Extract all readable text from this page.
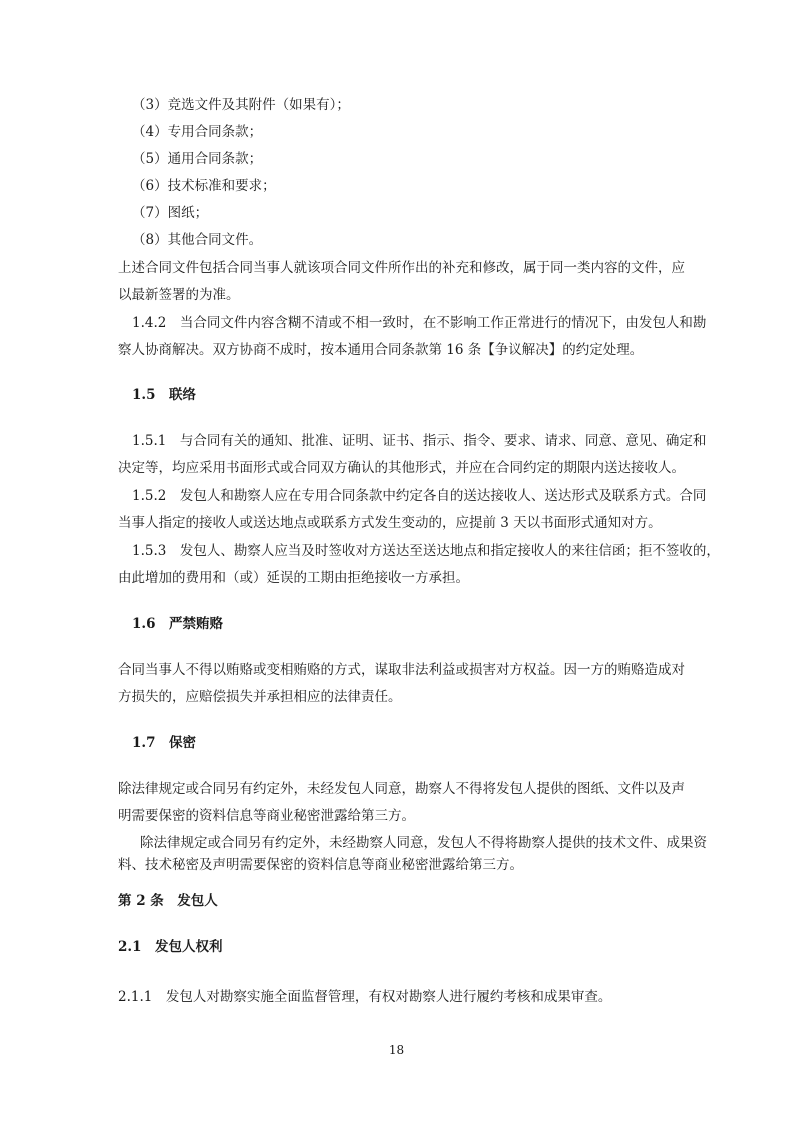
（3）竞选文件及其附件（如果有）；
（4）专用合同条款；
（5）通用合同条款；
（6）技术标准和要求；
（7）图纸；
（8）其他合同文件。
上述合同文件包括合同当事人就该项合同文件所作出的补充和修改，属于同一类内容的文件，应
以最新签署的为准。
1.4.2　当合同文件内容含糊不清或不相一致时，在不影响工作正常进行的情况下，由发包人和勘
察人协商解决。双方协商不成时，按本通用合同条款第 16 条【争议解决】的约定处理。
1.5　联络
1.5.1　与合同有关的通知、批准、证明、证书、指示、指令、要求、请求、同意、意见、确定和
决定等，均应采用书面形式或合同双方确认的其他形式，并应在合同约定的期限内送达接收人。
1.5.2　发包人和勘察人应在专用合同条款中约定各自的送达接收人、送达形式及联系方式。合同
当事人指定的接收人或送达地点或联系方式发生变动的，应提前 3 天以书面形式通知对方。
1.5.3　发包人、勘察人应当及时签收对方送达至送达地点和指定接收人的来往信函；拒不签收的，
由此增加的费用和（或）延误的工期由拒绝接收一方承担。
1.6　严禁贿赂
合同当事人不得以贿赂或变相贿赂的方式，谋取非法利益或损害对方权益。因一方的贿赂造成对
方损失的，应赔偿损失并承担相应的法律责任。
1.7　保密
除法律规定或合同另有约定外，未经发包人同意，勘察人不得将发包人提供的图纸、文件以及声
明需要保密的资料信息等商业秘密泄露给第三方。
除法律规定或合同另有约定外，未经勘察人同意，发包人不得将勘察人提供的技术文件、成果资
料、技术秘密及声明需要保密的资料信息等商业秘密泄露给第三方。
第 2 条　发包人
2.1　发包人权利
2.1.1　发包人对勘察实施全面监督管理，有权对勘察人进行履约考核和成果审查。
18
